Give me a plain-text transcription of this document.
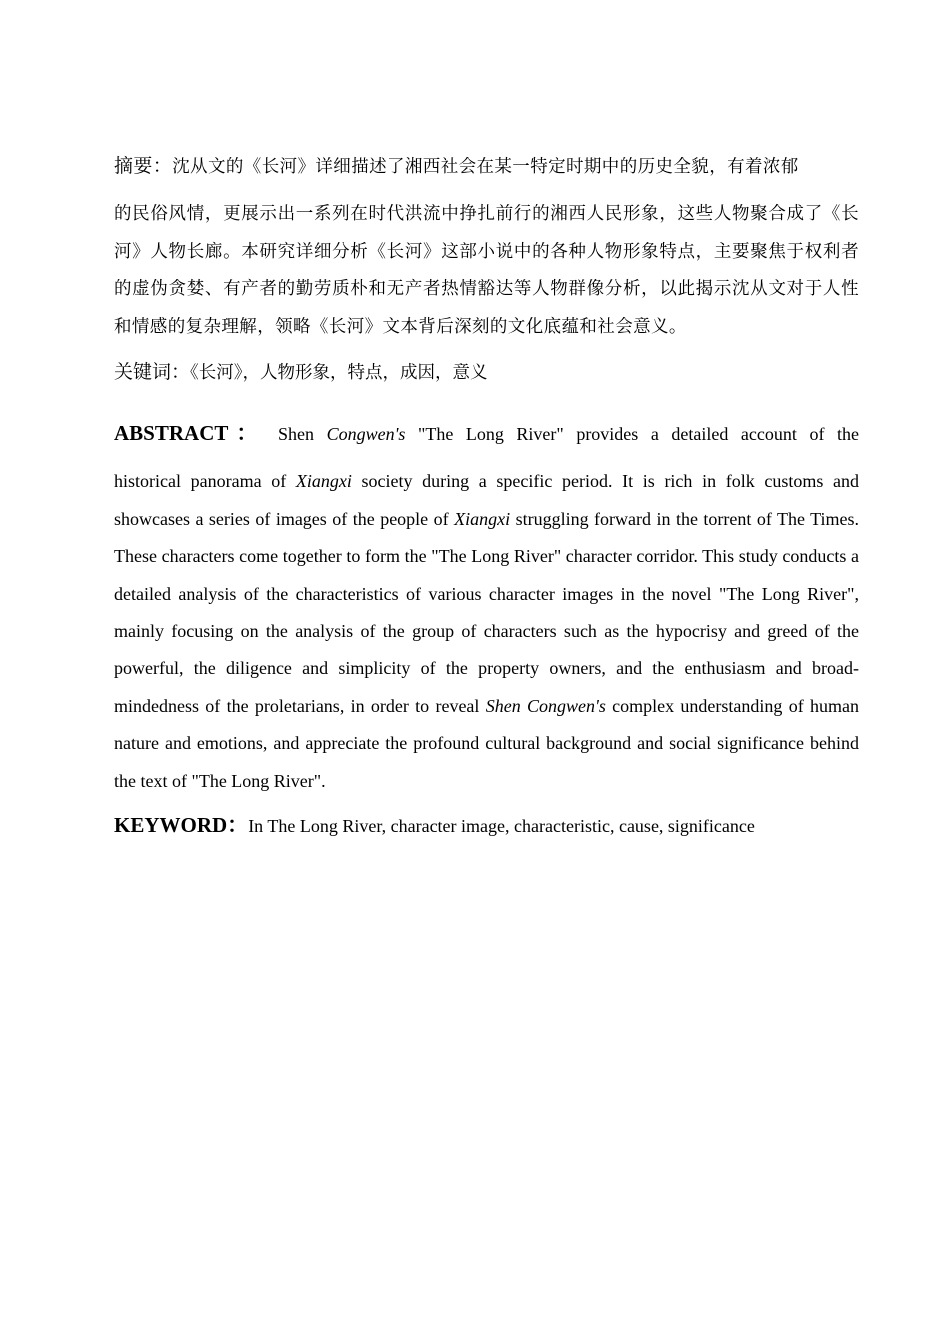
摘要：沈从文的《长河》详细描述了湘西社会在某一特定时期中的历史全貌，有着浓郁
的民俗风情，更展示出一系列在时代洪流中挣扎前行的湘西人民形象，这些人物聚合成了《长河》人物长廊。本研究详细分析《长河》这部小说中的各种人物形象特点，主要聚焦于权利者的虚伪贪婪、有产者的勤劳质朴和无产者热情豁达等人物群像分析，以此揭示沈从文对于人性和情感的复杂理解，领略《长河》文本背后深刻的文化底蕴和社会意义。
关键词：《长河》，人物形象，特点，成因，意义
ABSTRACT： Shen Congwen's "The Long River" provides a detailed account of the
historical panorama of Xiangxi society during a specific period. It is rich in folk customs and showcases a series of images of the people of Xiangxi struggling forward in the torrent of The Times. These characters come together to form the "The Long River" character corridor. This study conducts a detailed analysis of the characteristics of various character images in the novel "The Long River", mainly focusing on the analysis of the group of characters such as the hypocrisy and greed of the powerful, the diligence and simplicity of the property owners, and the enthusiasm and broad-mindedness of the proletarians, in order to reveal Shen Congwen's complex understanding of human nature and emotions, and appreciate the profound cultural background and social significance behind the text of "The Long River".
KEYWORD：In The Long River, character image, characteristic, cause, significance
